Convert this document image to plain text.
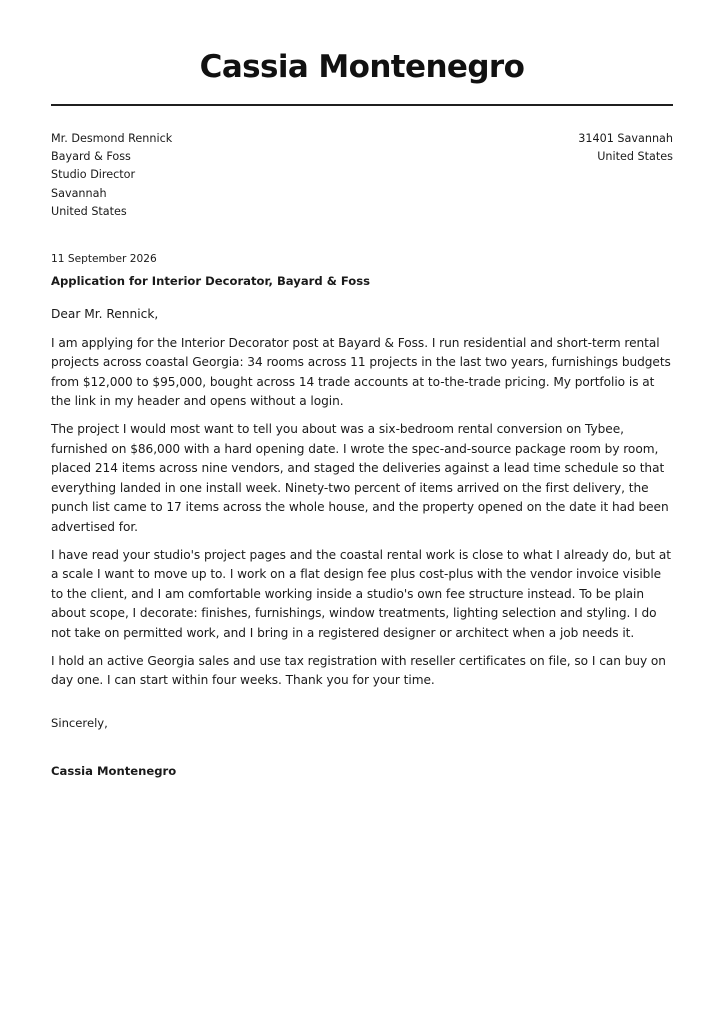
Cassia Montenegro
Mr. Desmond Rennick
Bayard & Foss
Studio Director
Savannah
United States
31401 Savannah
United States
11 September 2026
Application for Interior Decorator, Bayard & Foss
Dear Mr. Rennick,

I am applying for the Interior Decorator post at Bayard & Foss. I run residential and short-term rental projects across coastal Georgia: 34 rooms across 11 projects in the last two years, furnishings budgets from $12,000 to $95,000, bought across 14 trade accounts at to-the-trade pricing. My portfolio is at the link in my header and opens without a login.

The project I would most want to tell you about was a six-bedroom rental conversion on Tybee, furnished on $86,000 with a hard opening date. I wrote the spec-and-source package room by room, placed 214 items across nine vendors, and staged the deliveries against a lead time schedule so that everything landed in one install week. Ninety-two percent of items arrived on the first delivery, the punch list came to 17 items across the whole house, and the property opened on the date it had been advertised for.

I have read your studio's project pages and the coastal rental work is close to what I already do, but at a scale I want to move up to. I work on a flat design fee plus cost-plus with the vendor invoice visible to the client, and I am comfortable working inside a studio's own fee structure instead. To be plain about scope, I decorate: finishes, furnishings, window treatments, lighting selection and styling. I do not take on permitted work, and I bring in a registered designer or architect when a job needs it.

I hold an active Georgia sales and use tax registration with reseller certificates on file, so I can buy on day one. I can start within four weeks. Thank you for your time.

Sincerely,
Cassia Montenegro
